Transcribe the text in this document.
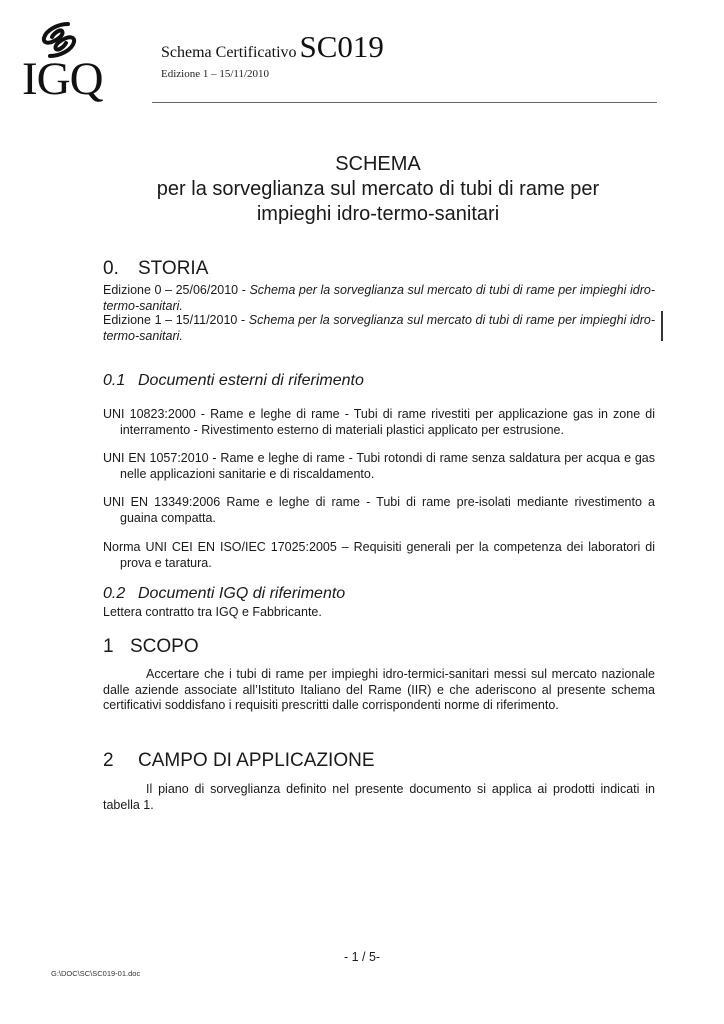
IGQ
Schema CertificativoSC019
Edizione 1 – 15/11/2010
SCHEMA
per la sorveglianza sul mercato di tubi di rame per
impieghi idro-termo-sanitari
0. STORIA
Edizione 0 – 25/06/2010 - Schema per la sorveglianza sul mercato di tubi di rame per impieghi idro-termo-sanitari.
Edizione 1 – 15/11/2010 - Schema per la sorveglianza sul mercato di tubi di rame per impieghi idro-termo-sanitari.
0.1 Documenti esterni di riferimento
UNI 10823:2000 - Rame e leghe di rame - Tubi di rame rivestiti per applicazione gas in zone di interramento - Rivestimento esterno di materiali plastici applicato per estrusione.
UNI EN 1057:2010 - Rame e leghe di rame - Tubi rotondi di rame senza saldatura per acqua e gas nelle applicazioni sanitarie e di riscaldamento.
UNI EN 13349:2006 Rame e leghe di rame - Tubi di rame pre-isolati mediante rivestimento a guaina compatta.
Norma UNI CEI EN ISO/IEC 17025:2005 – Requisiti generali per la competenza dei laboratori di prova e taratura.
0.2 Documenti IGQ di riferimento
Lettera contratto tra IGQ e Fabbricante.
1 SCOPO
Accertare che i tubi di rame per impieghi idro-termici-sanitari messi sul mercato nazionale dalle aziende associate all’Istituto Italiano del Rame (IIR) e che aderiscono al presente schema certificativi soddisfano i requisiti prescritti dalle corrispondenti norme di riferimento.
2 CAMPO DI APPLICAZIONE
Il piano di sorveglianza definito nel presente documento si applica ai prodotti indicati in tabella 1.
- 1 / 5-
G:\DOC\SC\SC019-01.doc
